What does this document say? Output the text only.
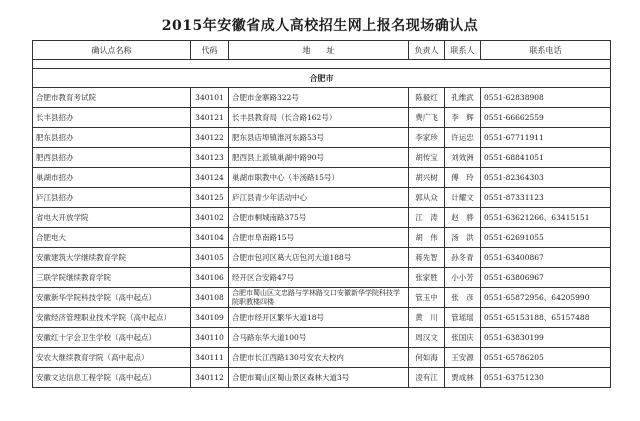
2015年安徽省成人高校招生网上报名现场确认点
确认点名称	代码	地　　址	负责人	联系人	联系电话

合肥市					
合肥市教育考试院	340101	合肥市金寨路322号	陈毅红	孔维武	0551-62838908
长丰县招办	340121	长丰县教育局（长合路162号）	费广飞	李　辉	0551-66662559
肥东县招办	340122	肥东县店埠镇淮河东路53号	李家珍	许运忠	0551-67711911
肥西县招办	340123	肥西县上派镇巢湖中路90号	胡传宝	刘效洲	0551-68841051
巢湖市招办	340124	巢湖市职教中心（半汤路15号）	胡兴树	傅　玲	0551-82364303
庐江县招办	340125	庐江县青少年活动中心	郭从众	计耀文	0551-87331123
省电大开放学院	340102	合肥市桐城南路375号	江　涛	赵　骅	0551-63621266、63415151
合肥电大	340104	合肥市阜南路15号	胡　伟	汤　洪	0551-62691055
安徽建筑大学继续教育学院	340105	合肥市包河区葛大店包河大道188号	蒋先智	孙冬青	0551-63400867
三联学院继续教育学院	340106	经开区合安路47号	张家胜	小小芳	0551-63806967
安徽新华学院科技学院（高中起点）	340108	合肥市蜀山区文忠路与学林路交口安徽新华学院科技学院职教楼四楼	管玉中	张　彦	0551-65872956、64205990
安徽经济管理职业技术学院（高中起点）	340109	合肥市经开区繁华大道18号	黄　川	管瑶瑶	0551-65153188、65157488
安徽红十字会卫生学校（高中起点）	340110	合马路东华大道100号	周汉文	张国庆	0551-63830199
安农大继续教育学院（高中起点）	340111	合肥市长江西路130号安农大校内	何如海	王安源	0551-65786205
安徽文达信息工程学院（高中起点）	340112	合肥市蜀山区蜀山景区森林大道3号	凌有江	贾成林	0551-63751230
